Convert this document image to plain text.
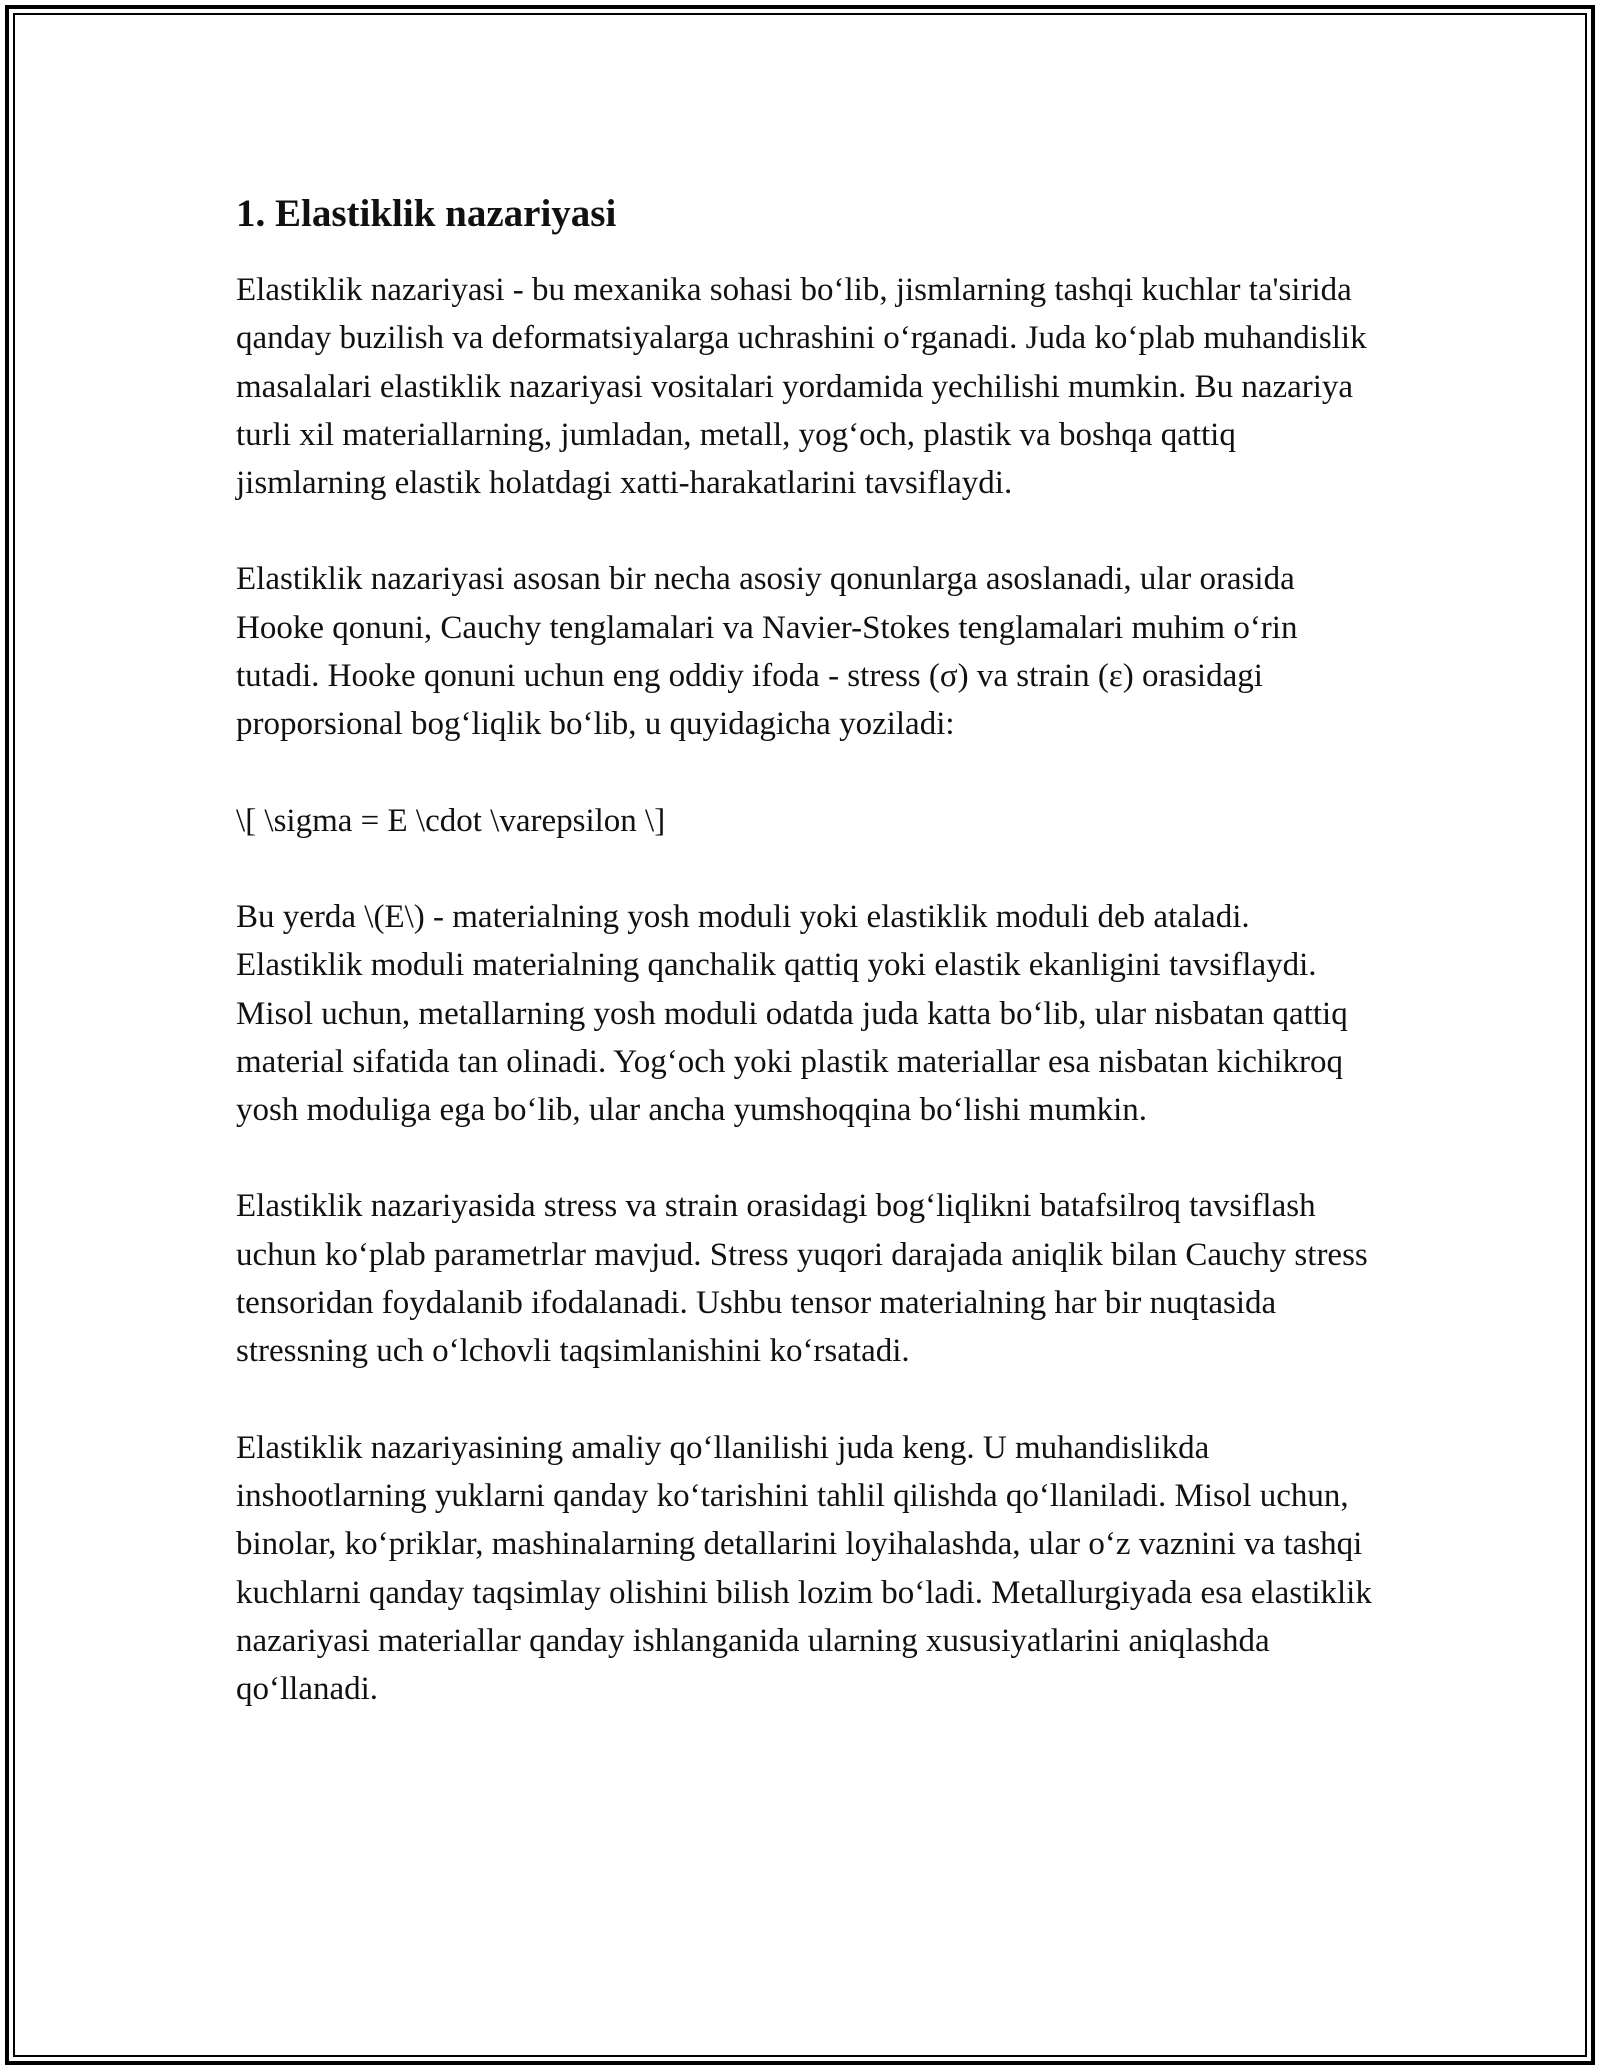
1. Elastiklik nazariyasi

Elastiklik nazariyasi - bu mexanika sohasi bo‘lib, jismlarning tashqi kuchlar ta'sirida qanday buzilish va deformatsiyalarga uchrashini o‘rganadi. Juda ko‘plab muhandislik masalalari elastiklik nazariyasi vositalari yordamida yechilishi mumkin. Bu nazariya turli xil materiallarning, jumladan, metall, yog‘och, plastik va boshqa qattiq jismlarning elastik holatdagi xatti-harakatlarini tavsiflaydi.

Elastiklik nazariyasi asosan bir necha asosiy qonunlarga asoslanadi, ular orasida Hooke qonuni, Cauchy tenglamalari va Navier-Stokes tenglamalari muhim o‘rin tutadi. Hooke qonuni uchun eng oddiy ifoda - stress (σ) va strain (ε) orasidagi proporsional bog‘liqlik bo‘lib, u quyidagicha yoziladi:

\[ \sigma = E \cdot \varepsilon \]

Bu yerda \(E\) - materialning yosh moduli yoki elastiklik moduli deb ataladi. Elastiklik moduli materialning qanchalik qattiq yoki elastik ekanligini tavsiflaydi. Misol uchun, metallarning yosh moduli odatda juda katta bo‘lib, ular nisbatan qattiq material sifatida tan olinadi. Yog‘och yoki plastik materiallar esa nisbatan kichikroq yosh moduliga ega bo‘lib, ular ancha yumshoqqina bo‘lishi mumkin.

Elastiklik nazariyasida stress va strain orasidagi bog‘liqlikni batafsilroq tavsiflash uchun ko‘plab parametrlar mavjud. Stress yuqori darajada aniqlik bilan Cauchy stress tensoridan foydalanib ifodalanadi. Ushbu tensor materialning har bir nuqtasida stressning uch o‘lchovli taqsimlanishini ko‘rsatadi.

Elastiklik nazariyasining amaliy qo‘llanilishi juda keng. U muhandislikda inshootlarning yuklarni qanday ko‘tarishini tahlil qilishda qo‘llaniladi. Misol uchun, binolar, ko‘priklar, mashinalarning detallarini loyihalashda, ular o‘z vaznini va tashqi kuchlarni qanday taqsimlay olishini bilish lozim bo‘ladi. Metallurgiyada esa elastiklik nazariyasi materiallar qanday ishlanganida ularning xususiyatlarini aniqlashda qo‘llanadi.
